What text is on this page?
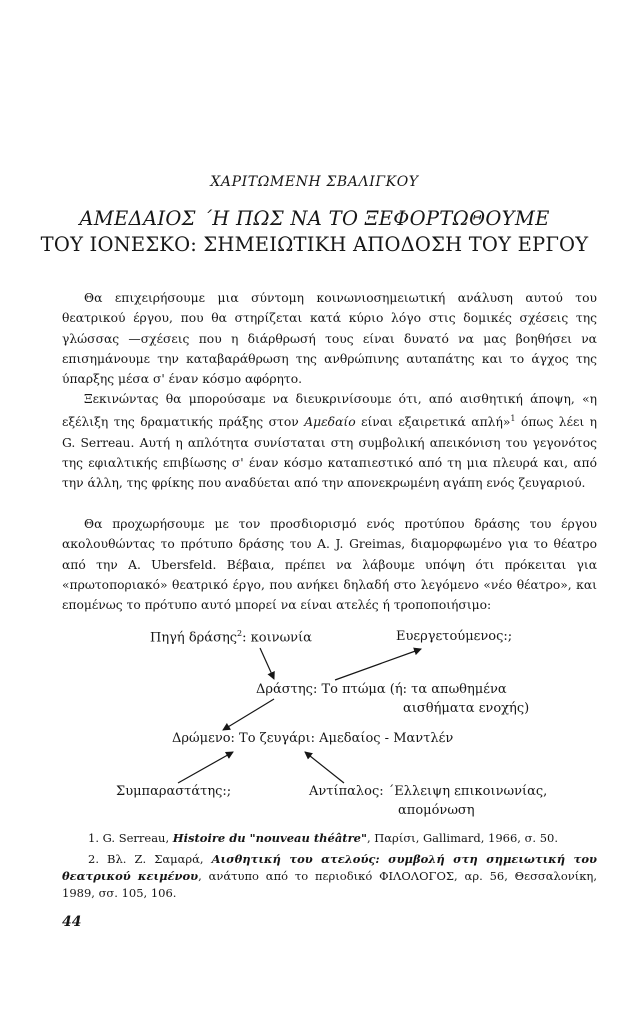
ΧΑΡΙΤΩΜΕΝΗ ΣΒΑΛΙΓΚΟΥ
ΑΜΕΔΑΙΟΣ ΄Η ΠΩΣ ΝΑ ΤΟ ΞΕΦΟΡΤΩΘΟΥΜΕ
ΤΟΥ ΙΟΝΕΣΚΟ: ΣΗΜΕΙΩΤΙΚΗ ΑΠΟΔΟΣΗ ΤΟΥ ΕΡΓΟΥ
Θα επιχειρήσουμε μια σύντομη κοινωνιοσημειωτική ανάλυση αυτού του θεατρικού έργου, που θα στηρίζεται κατά κύριο λόγο στις δομικές σχέσεις της γλώσσας —σχέσεις που η διάρθρωσή τους είναι δυνατό να μας βοηθήσει να επισημάνουμε την καταβαράθρωση της ανθρώπινης αυταπάτης και το άγχος της ύπαρξης μέσα σ' έναν κόσμο αφόρητο.
Ξεκινώντας θα μπορούσαμε να διευκρινίσουμε ότι, από αισθητική άποψη, «η εξέλιξη της δραματικής πράξης στον Αμεδαίο είναι εξαιρετικά απλή»$^1$ όπως λέει η G. Serreau. Αυτή η απλότητα συνίσταται στη συμβολική απεικόνιση του γεγονότος της εφιαλτικής επιβίωσης σ' έναν κόσμο καταπιεστικό από τη μια πλευρά και, από την άλλη, της φρίκης που αναδύεται από την απονεκρωμένη αγάπη ενός ζευγαριού.
Θα προχωρήσουμε με τον προσδιορισμό ενός προτύπου δράσης του έργου ακολουθώντας το πρότυπο δράσης του A. J. Greimas, διαμορφωμένο για το θέατρο από την A. Ubersfeld. Βέβαια, πρέπει να λάβουμε υπόψη ότι πρόκειται για «πρωτοποριακό» θεατρικό έργο, που ανήκει δηλαδή στο λεγόμενο «νέο θέατρο», και επομένως το πρότυπο αυτό μπορεί να είναι ατελές ή τροποποιήσιμο:
Πηγή δράσης$^2$: κοινωνία	Ευεργετούμενος:;
Δράστης: Το πτώμα (ή: τα απωθημένα
αισθήματα ενοχής)
Δρώμενο: Το ζευγάρι: Αμεδαίος - Μαντλέν
Συμπαραστάτης:;	Αντίπαλος: ΄Ελλειψη επικοινωνίας,
απομόνωση
1. G. Serreau, Histoire du "nouveau théâtre", Παρίσι, Gallimard, 1966, σ. 50.
2. Βλ. Ζ. Σαμαρά, Αισθητική του ατελούς: συμβολή στη σημειωτική του θεατρικού κειμένου, ανάτυπο από το περιοδικό ΦΙΛΟΛΟΓΟΣ, αρ. 56, Θεσσαλονίκη, 1989, σσ. 105, 106.
44
